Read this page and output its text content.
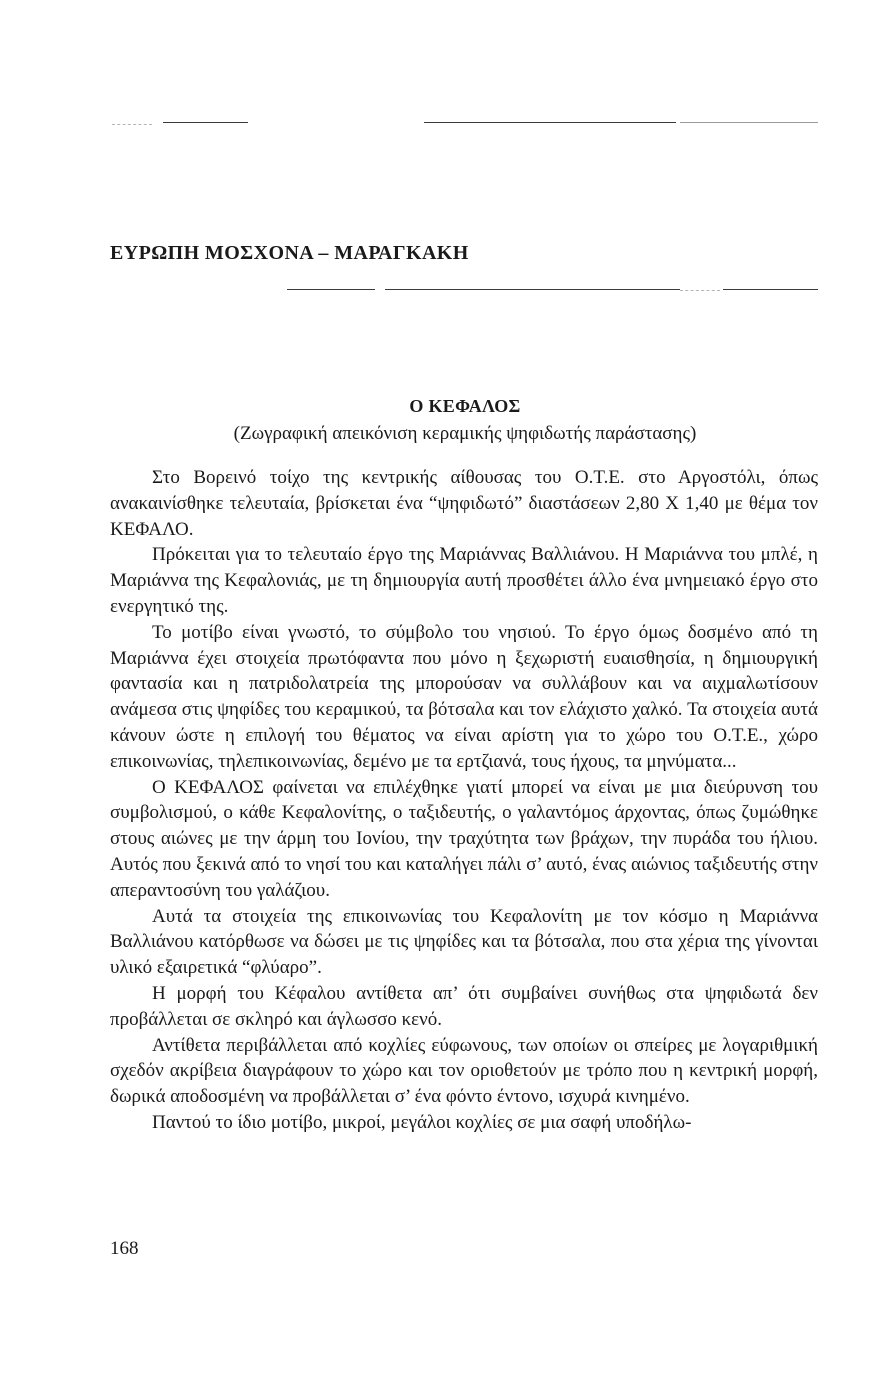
ΕΥΡΩΠΗ ΜΟΣΧΟΝΑ – ΜΑΡΑΓΚΑΚΗ
Ο ΚΕΦΑΛΟΣ
(Ζωγραφική απεικόνιση κεραμικής ψηφιδωτής παράστασης)

Στο Βορεινό τοίχο της κεντρικής αίθουσας του Ο.Τ.Ε. στο Αργοστόλι, όπως ανακαινίσθηκε τελευταία, βρίσκεται ένα “ψηφιδωτό” διαστάσεων 2,80 Χ 1,40 με θέμα τον ΚΕΦΑΛΟ.

Πρόκειται για το τελευταίο έργο της Μαριάννας Βαλλιάνου. Η Μαριάννα του μπλέ, η Μαριάννα της Κεφαλονιάς, με τη δημιουργία αυτή προσθέτει άλλο ένα μνημειακό έργο στο ενεργητικό της.

Το μοτίβο είναι γνωστό, το σύμβολο του νησιού. Το έργο όμως δοσμένο από τη Μαριάννα έχει στοιχεία πρωτόφαντα που μόνο η ξεχωριστή ευαισθησία, η δημιουργική φαντασία και η πατριδολατρεία της μπορούσαν να συλλάβουν και να αιχμαλωτίσουν ανάμεσα στις ψηφίδες του κεραμικού, τα βότσαλα και τον ελάχιστο χαλκό. Τα στοιχεία αυτά κάνουν ώστε η επιλογή του θέματος να είναι αρίστη για το χώρο του Ο.Τ.Ε., χώρο επικοινωνίας, τηλεπικοινωνίας, δεμένο με τα ερτζιανά, τους ήχους, τα μηνύματα...

Ο ΚΕΦΑΛΟΣ φαίνεται να επιλέχθηκε γιατί μπορεί να είναι με μια διεύρυνση του συμβολισμού, ο κάθε Κεφαλονίτης, ο ταξιδευτής, ο γαλαντόμος άρχοντας, όπως ζυμώθηκε στους αιώνες με την άρμη του Ιονίου, την τραχύτητα των βράχων, την πυράδα του ήλιου. Αυτός που ξεκινά από το νησί του και καταλήγει πάλι σ’ αυτό, ένας αιώνιος ταξιδευτής στην απεραντοσύνη του γαλάζιου.

Αυτά τα στοιχεία της επικοινωνίας του Κεφαλονίτη με τον κόσμο η Μαριάννα Βαλλιάνου κατόρθωσε να δώσει με τις ψηφίδες και τα βότσαλα, που στα χέρια της γίνονται υλικό εξαιρετικά “φλύαρο”.

Η μορφή του Κέφαλου αντίθετα απ’ ότι συμβαίνει συνήθως στα ψηφιδωτά δεν προβάλλεται σε σκληρό και άγλωσσο κενό.

Αντίθετα περιβάλλεται από κοχλίες εύφωνους, των οποίων οι σπείρες με λογαριθμική σχεδόν ακρίβεια διαγράφουν το χώρο και τον οριοθετούν με τρόπο που η κεντρική μορφή, δωρικά αποδοσμένη να προβάλλεται σ’ ένα φόντο έντονο, ισχυρά κινημένο.

Παντού το ίδιο μοτίβο, μικροί, μεγάλοι κοχλίες σε μια σαφή υποδήλω-

168
